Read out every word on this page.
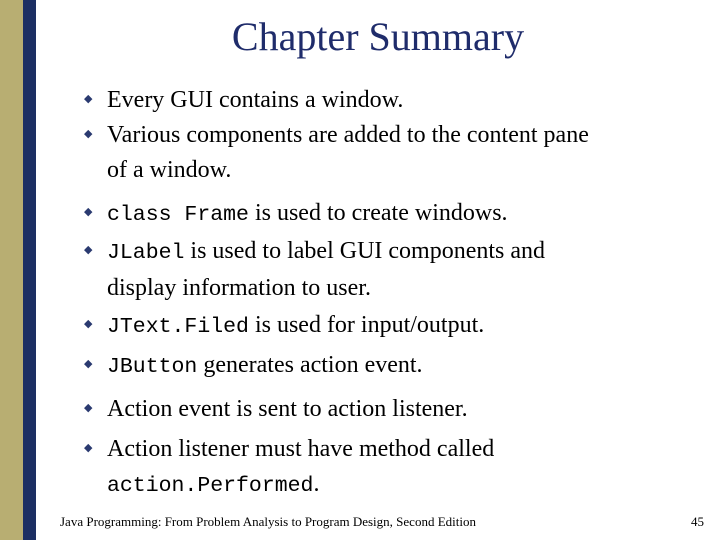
Chapter Summary
◆ Every GUI contains a window.
◆ Various components are added to the content pane
of a window.
◆ class Frame is used to create windows.
◆ JLabel is used to label GUI components and
display information to user.
◆ JText.Filed is used for input/output.
◆ JButton generates action event.
◆ Action event is sent to action listener.
◆ Action listener must have method called
action.Performed.
Java Programming: From Problem Analysis to Program Design, Second Edition	45
